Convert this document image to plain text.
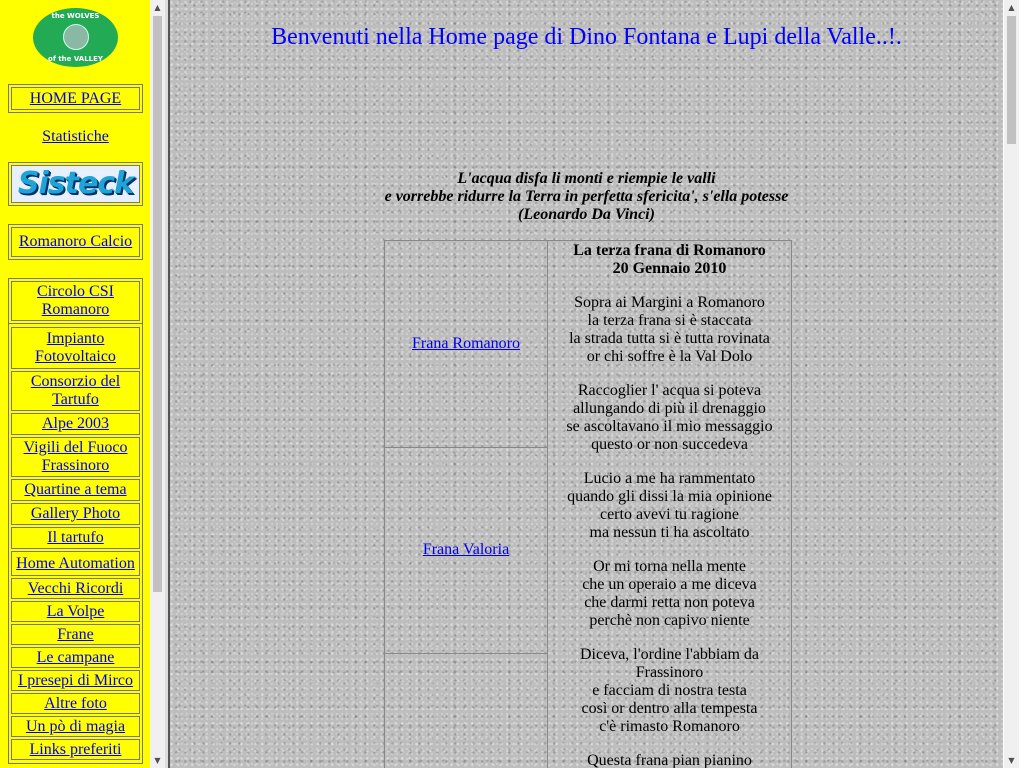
the WOLVES
of the VALLEY
HOME PAGE
Statistiche
Sisteck
Romanoro Calcio
Circolo CSI Romanoro
Impianto Fotovoltaico
Consorzio del Tartufo
Alpe 2003
Vigili del Fuoco Frassinoro
Quartine a tema
Gallery Photo
Il tartufo
Home Automation
Vecchi Ricordi
La Volpe
Frane
Le campane
I presepi di Mirco
Altre foto
Un pò di magia
Links preferiti
▲
▼
Benvenuti nella Home page di Dino Fontana e Lupi della Valle..!.
L'acqua disfa li monti e riempie le valli
e vorrebbe ridurre la Terra in perfetta sfericita', s'ella potesse
(Leonardo Da Vinci)
Frana Romanoro
Frana Valoria
La terza frana di Romanoro
20 Gennaio 2010
Sopra ai Margini a Romanoro
la terza frana si è staccata
la strada tutta si è tutta rovinata
or chi soffre è la Val Dolo
Raccoglier l' acqua si poteva
allungando di più il drenaggio
se ascoltavano il mio messaggio
questo or non succedeva
Lucio a me ha rammentato
quando gli dissi la mia opinione
certo avevi tu ragione
ma nessun ti ha ascoltato
Or mi torna nella mente
che un operaio a me diceva
che darmi retta non poteva
perchè non capivo niente
Diceva, l'ordine l'abbiam da
Frassinoro
e facciam di nostra testa
così or dentro alla tempesta
c'è rimasto Romanoro
Questa frana pian pianino
▲
▼
